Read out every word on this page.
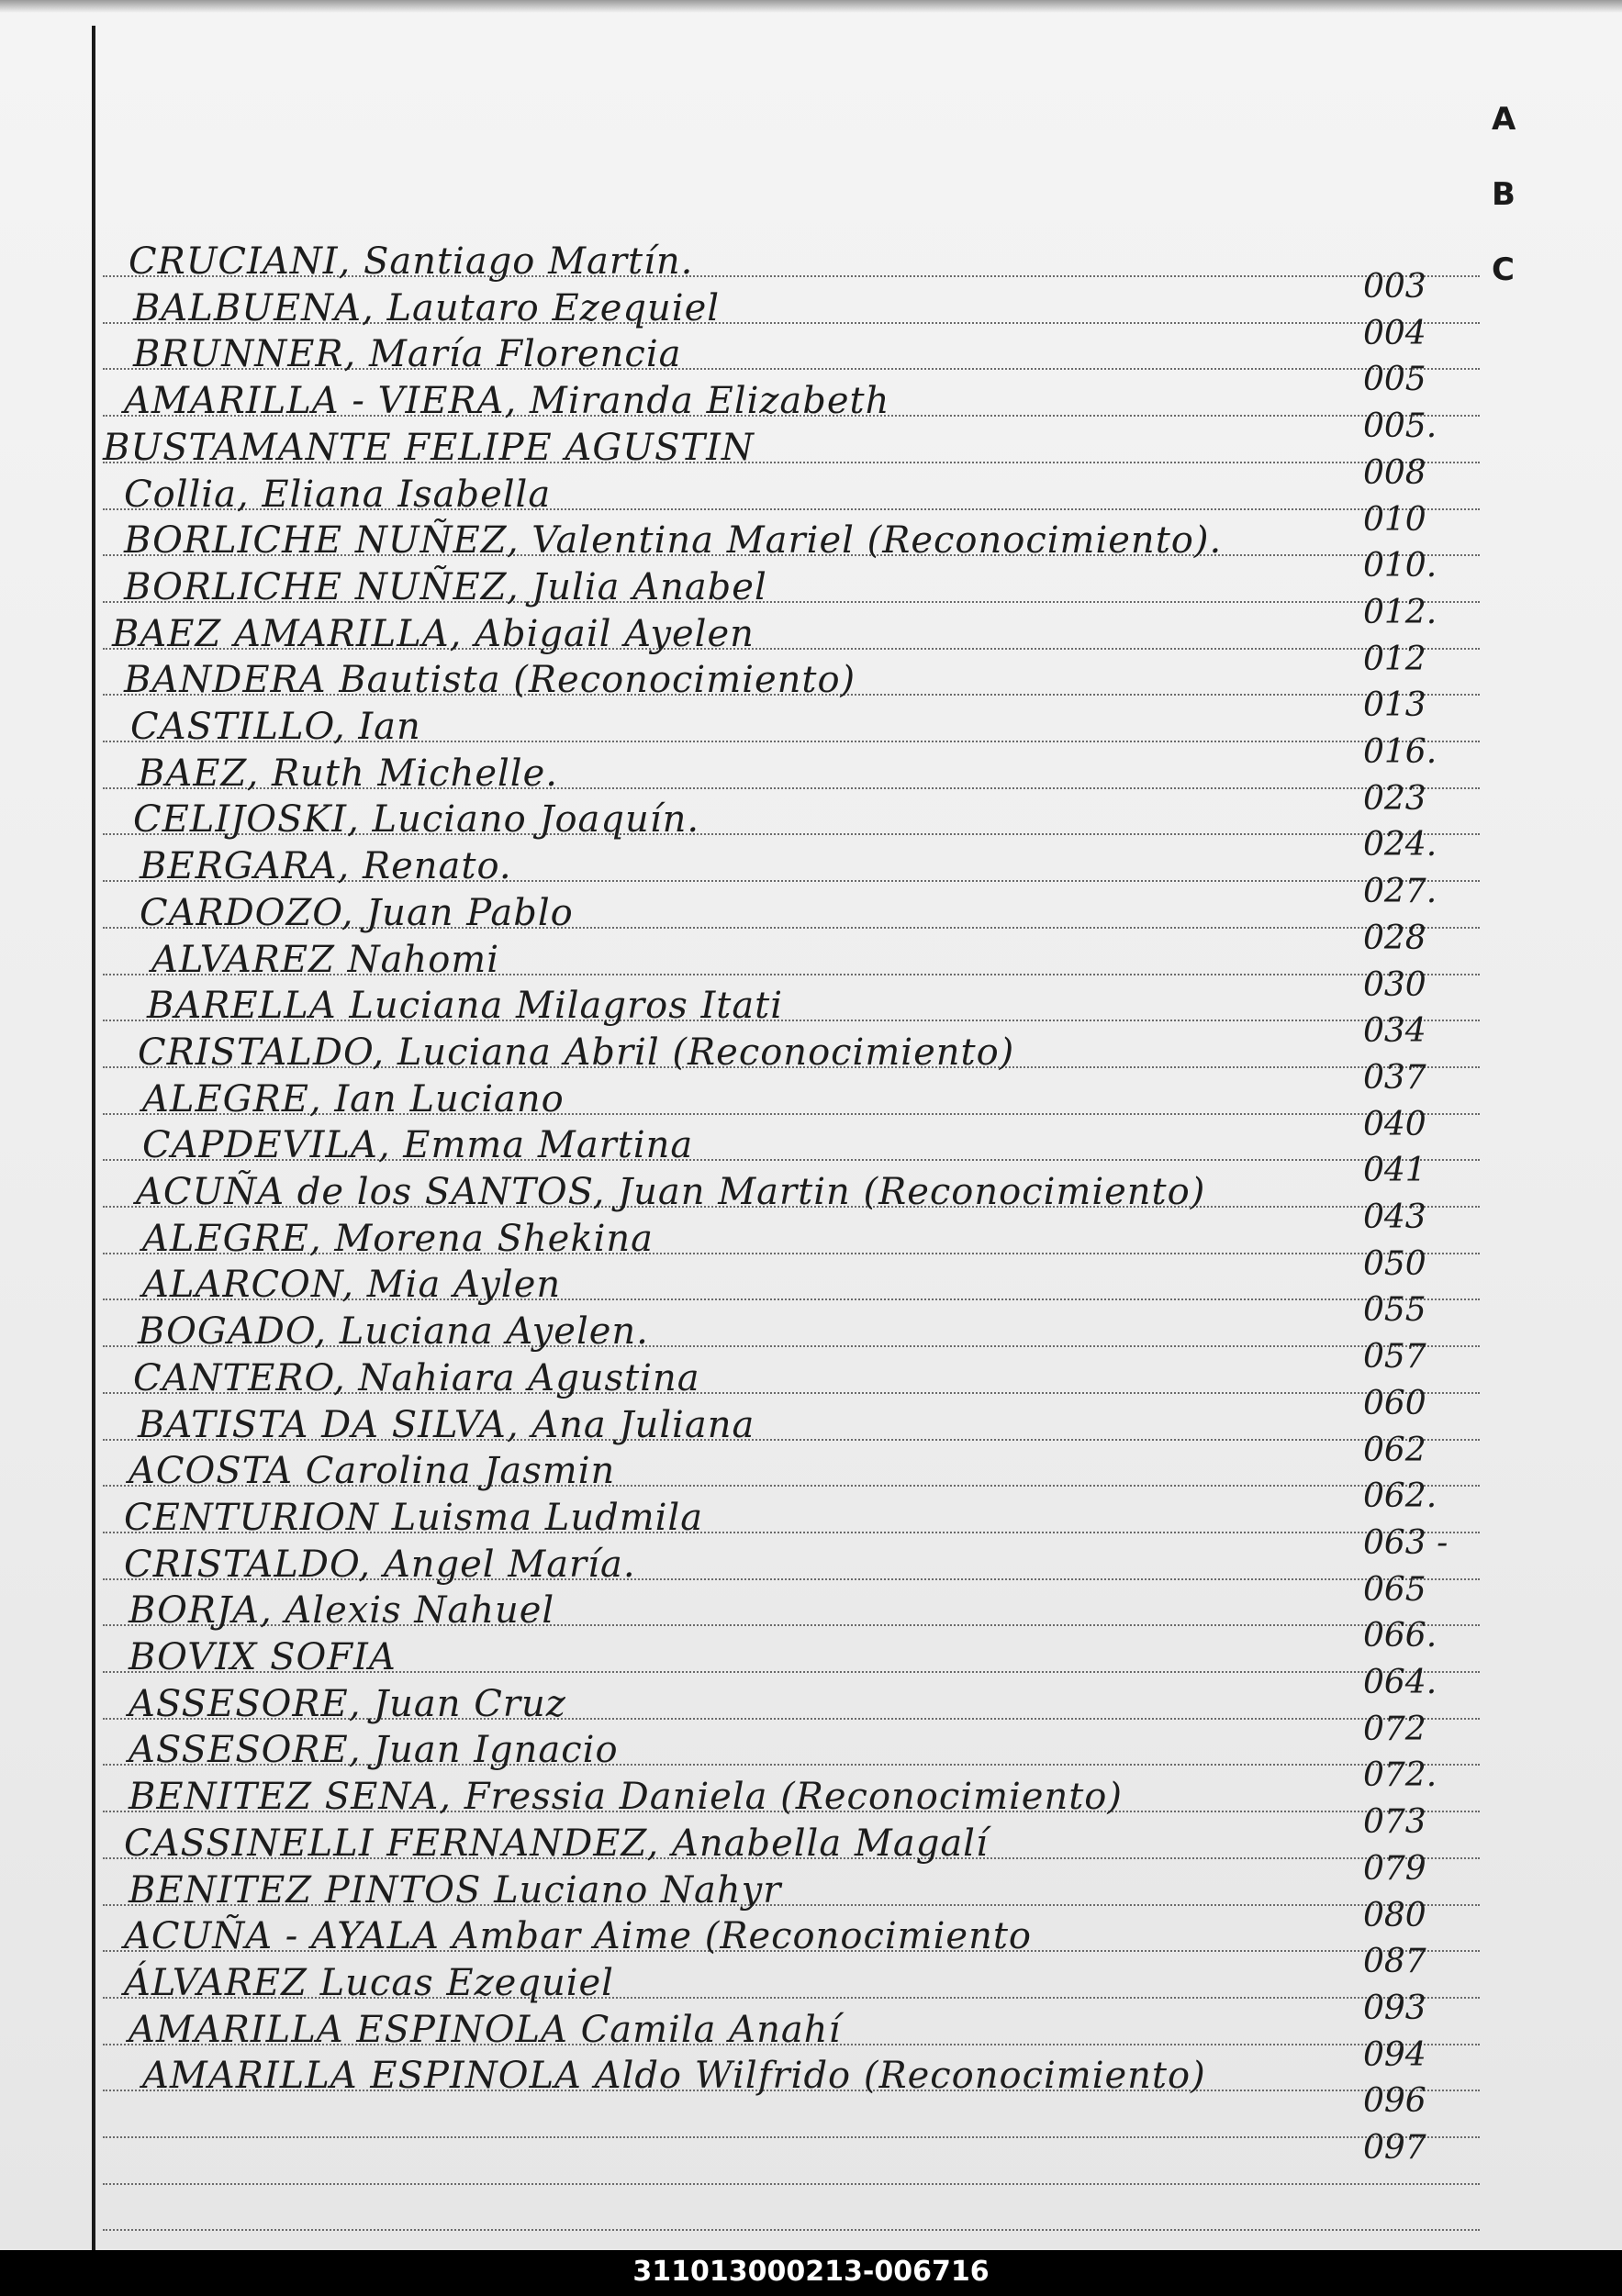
A
B
C
CRUCIANI, Santiago Martín.
003
BALBUENA, Lautaro Ezequiel
004
BRUNNER, María Florencia
005
AMARILLA - VIERA, Miranda Elizabeth
005.
BUSTAMANTE FELIPE AGUSTIN
008
Collia, Eliana Isabella
010
BORLICHE NUÑEZ, Valentina Mariel (Reconocimiento).
010.
BORLICHE NUÑEZ, Julia Anabel
012.
BAEZ AMARILLA, Abigail Ayelen
012
BANDERA Bautista (Reconocimiento)
013
CASTILLO, Ian
016.
BAEZ, Ruth Michelle.
023
CELIJOSKI, Luciano Joaquín.
024.
BERGARA, Renato.
027.
CARDOZO, Juan Pablo
028
ALVAREZ Nahomi
030
BARELLA Luciana Milagros Itati
034
CRISTALDO, Luciana Abril (Reconocimiento)
037
ALEGRE, Ian Luciano
040
CAPDEVILA, Emma Martina
041
ACUÑA de los SANTOS, Juan Martin (Reconocimiento)
043
ALEGRE, Morena Shekina
050
ALARCON, Mia Aylen
055
BOGADO, Luciana Ayelen.
057
CANTERO, Nahiara Agustina
060
BATISTA DA SILVA, Ana Juliana
062
ACOSTA Carolina Jasmin
062.
CENTURION Luisma Ludmila
063 -
CRISTALDO, Angel María.
065
BORJA, Alexis Nahuel
066.
BOVIX SOFIA
064.
ASSESORE, Juan Cruz
072
ASSESORE, Juan Ignacio
072.
BENITEZ SENA, Fressia Daniela (Reconocimiento)
073
CASSINELLI FERNANDEZ, Anabella Magalí
079
BENITEZ PINTOS Luciano Nahyr
080
ACUÑA - AYALA Ambar Aime (Reconocimiento
087
ÁLVAREZ Lucas Ezequiel
093
AMARILLA ESPINOLA Camila Anahí
094
AMARILLA ESPINOLA Aldo Wilfrido (Reconocimiento)
096
097
311013000213-006716
